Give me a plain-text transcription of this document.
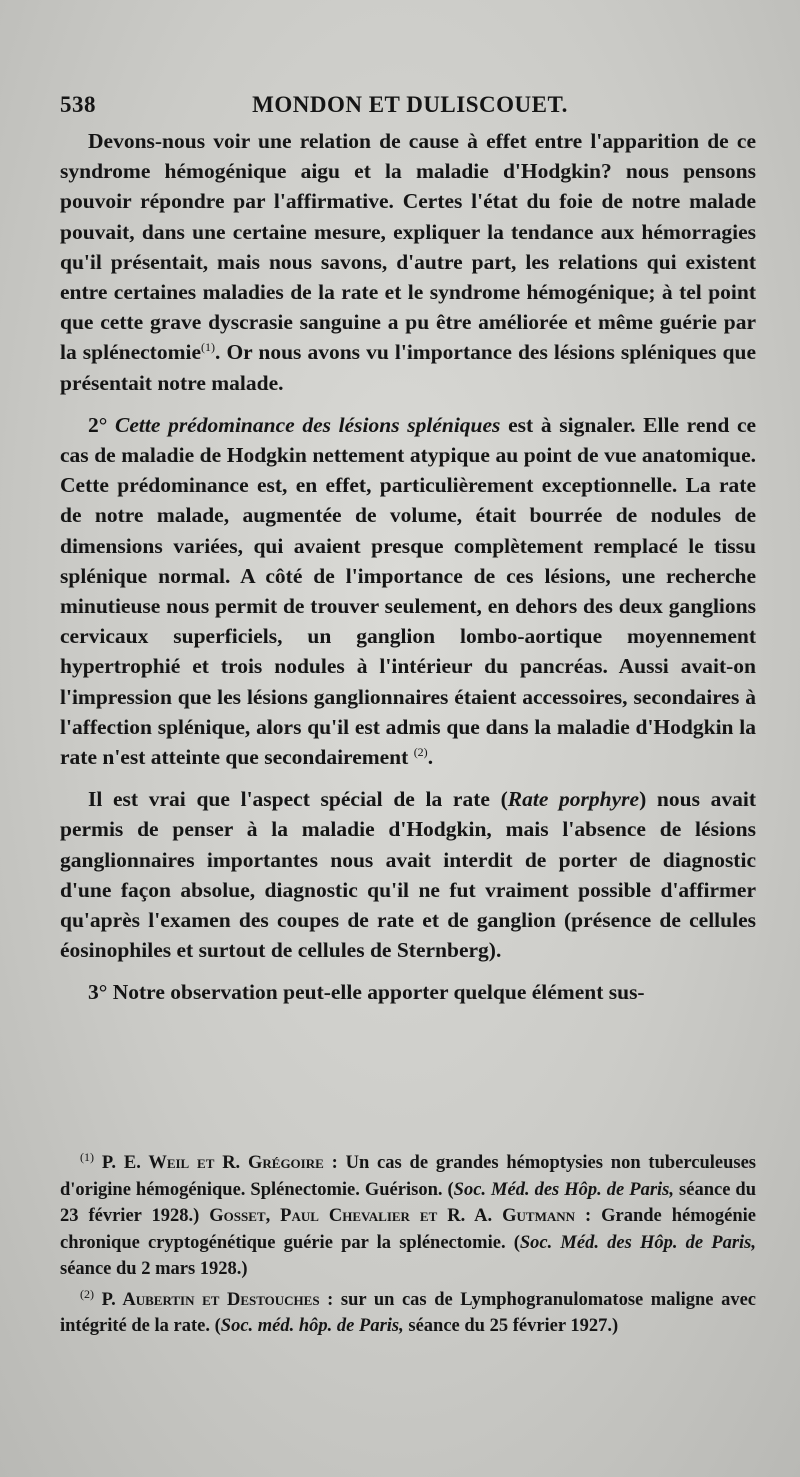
538	MONDON ET DULISCOUET.

Devons-nous voir une relation de cause à effet entre l'apparition de ce syndrome hémogénique aigu et la maladie d'Hodgkin? nous pensons pouvoir répondre par l'affirmative. Certes l'état du foie de notre malade pouvait, dans une certaine mesure, expliquer la tendance aux hémorragies qu'il présentait, mais nous savons, d'autre part, les relations qui existent entre certaines maladies de la rate et le syndrome hémogénique; à tel point que cette grave dyscrasie sanguine a pu être améliorée et même guérie par la splénectomie$^{(1)}$. Or nous avons vu l'importance des lésions spléniques que présentait notre malade.

2° Cette prédominance des lésions spléniques est à signaler. Elle rend ce cas de maladie de Hodgkin nettement atypique au point de vue anatomique. Cette prédominance est, en effet, particulièrement exceptionnelle. La rate de notre malade, augmentée de volume, était bourrée de nodules de dimensions variées, qui avaient presque complètement remplacé le tissu splénique normal. A côté de l'importance de ces lésions, une recherche minutieuse nous permit de trouver seulement, en dehors des deux ganglions cervicaux superficiels, un ganglion lombo-aortique moyennement hypertrophié et trois nodules à l'intérieur du pancréas. Aussi avait-on l'impression que les lésions ganglionnaires étaient accessoires, secondaires à l'affection splénique, alors qu'il est admis que dans la maladie d'Hodgkin la rate n'est atteinte que secondairement $^{(2)}$.

Il est vrai que l'aspect spécial de la rate (Rate porphyre) nous avait permis de penser à la maladie d'Hodgkin, mais l'absence de lésions ganglionnaires importantes nous avait interdit de porter de diagnostic d'une façon absolue, diagnostic qu'il ne fut vraiment possible d'affirmer qu'après l'examen des coupes de rate et de ganglion (présence de cellules éosinophiles et surtout de cellules de Sternberg).

3° Notre observation peut-elle apporter quelque élément sus-

$^{(1)}$ P. E. Weil et R. Grégoire : Un cas de grandes hémoptysies non tuberculeuses d'origine hémogénique. Splénectomie. Guérison. (Soc. Méd. des Hôp. de Paris, séance du 23 février 1928.) Gosset, Paul Chevalier et R. A. Gutmann : Grande hémogénie chronique cryptogénétique guérie par la splénectomie. (Soc. Méd. des Hôp. de Paris, séance du 2 mars 1928.)

$^{(2)}$ P. Aubertin et Destouches : sur un cas de Lymphogranulomatose maligne avec intégrité de la rate. (Soc. méd. hôp. de Paris, séance du 25 février 1927.)
